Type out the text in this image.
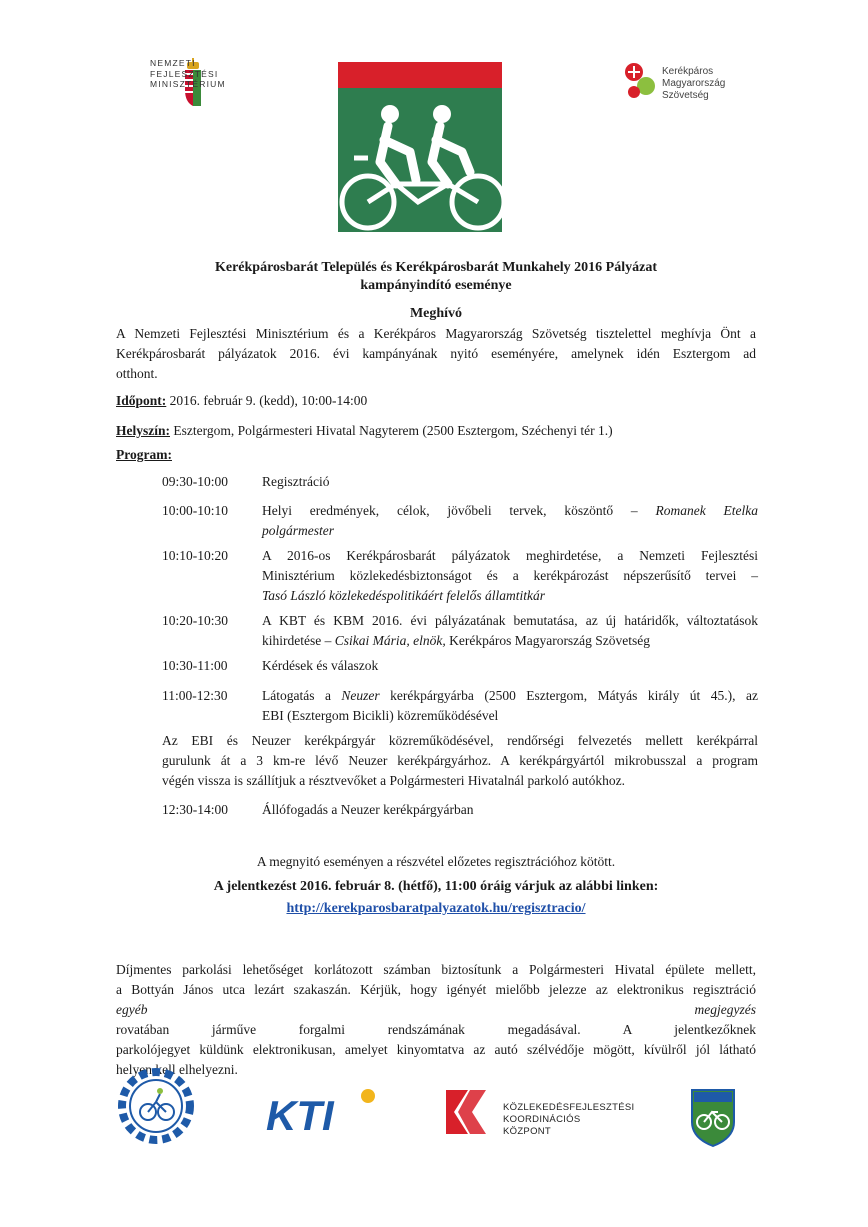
NEMZETI
FEJLESZTÉSI
MINISZTÉRIUM
Kerékpáros
Magyarország
Szövetség
Kerékpárosbarát Település és Kerékpárosbarát Munkahely 2016 Pályázat
kampányindító eseménye
Meghívó
A Nemzeti Fejlesztési Minisztérium és a Kerékpáros Magyarország Szövetség tisztelettel meghívja Önt a
Kerékpárosbarát pályázatok 2016. évi kampányának nyitó eseményére, amelynek idén Esztergom ad
otthont.
Időpont: 2016. február 9. (kedd), 10:00-14:00
Helyszín: Esztergom, Polgármesteri Hivatal Nagyterem (2500 Esztergom, Széchenyi tér 1.)
Program:
09:30-10:00	Regisztráció
10:00-10:10	Helyi eredmények, célok, jövőbeli tervek, köszöntő – Romanek Etelka
polgármester
10:10-10:20	A 2016-os Kerékpárosbarát pályázatok meghirdetése, a Nemzeti Fejlesztési
Minisztérium közlekedésbiztonságot és a kerékpározást népszerűsítő tervei –
Tasó László közlekedéspolitikáért felelős államtitkár
10:20-10:30	A KBT és KBM 2016. évi pályázatának bemutatása, az új határidők, változtatások
kihirdetése – Csikai Mária, elnök, Kerékpáros Magyarország Szövetség
10:30-11:00	Kérdések és válaszok
11:00-12:30	Látogatás a Neuzer kerékpárgyárba (2500 Esztergom, Mátyás király út 45.), az
EBI (Esztergom Bicikli) közreműködésével
Az EBI és Neuzer kerékpárgyár közreműködésével, rendőrségi felvezetés mellett kerékpárral
gurulunk át a 3 km-re lévő Neuzer kerékpárgyárhoz. A kerékpárgyártól mikrobusszal a program
végén vissza is szállítjuk a résztvevőket a Polgármesteri Hivatalnál parkoló autókhoz.
12:30-14:00	Állófogadás a Neuzer kerékpárgyárban
A megnyitó eseményen a részvétel előzetes regisztrációhoz kötött.
A jelentkezést 2016. február 8. (hétfő), 11:00 óráig várjuk az alábbi linken:
http://kerekparosbaratpalyazatok.hu/regisztracio/
Díjmentes parkolási lehetőséget korlátozott számban biztosítunk a Polgármesteri Hivatal épülete mellett,
a Bottyán János utca lezárt szakaszán. Kérjük, hogy igényét mielőbb jelezze az elektronikus regisztráció
egyéb megjegyzés
rovatában járműve forgalmi rendszámának megadásával. A jelentkezőknek
parkolójegyet küldünk elektronikusan, amelyet kinyomtatva az autó szélvédője mögött, kívülről jól látható
helyen kell elhelyezni.
KTI	KÖZLEKEDÉSFEJLESZTÉSI
KOORDINÁCIÓS
KÖZPONT
